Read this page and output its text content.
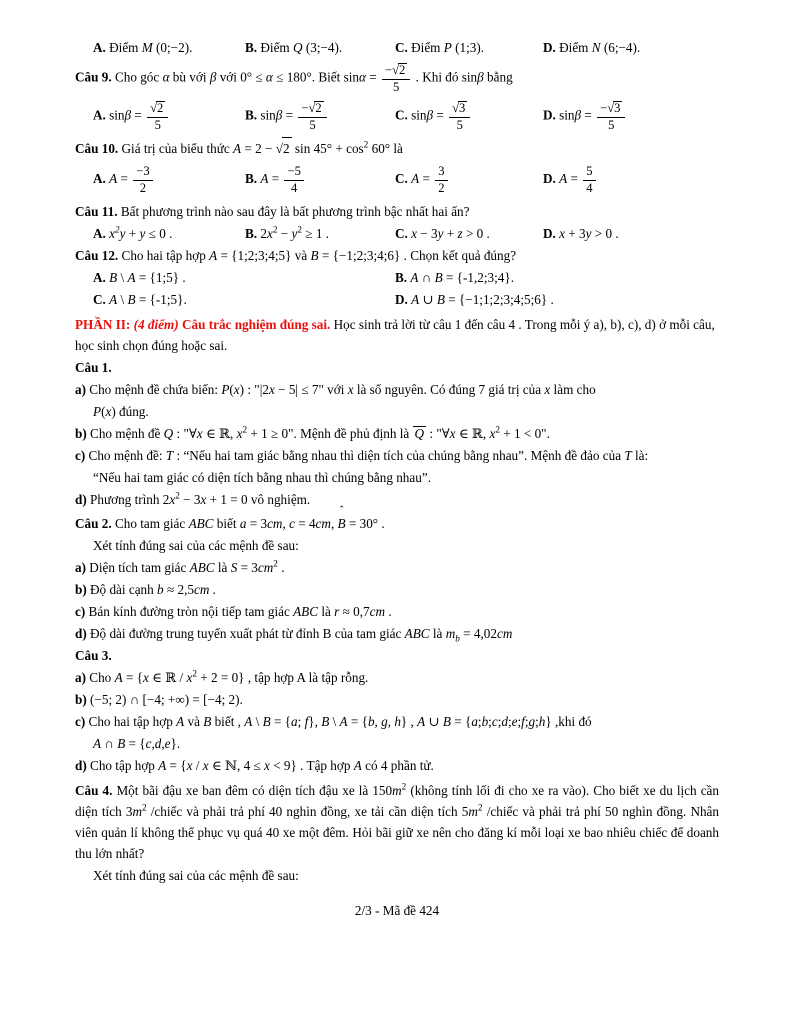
A. Điểm M (0;−2).	B. Điểm Q (3;−4).	C. Điểm P (1;3).	D. Điểm N (6;−4).
Câu 9. Cho góc α bù với β với 0° ≤ α ≤ 180°. Biết $\sin\alpha = \frac{-√2}{5}$ . Khi đó sinβ bằng
A. $\sin\beta = \frac{√2}{5}$	B. $\sin\beta = \frac{-√2}{5}$	C. $\sin\beta = \frac{√3}{5}$	D. $\sin\beta = \frac{-√3}{5}$
Câu 10. Giá trị của biểu thức A = 2 − √2 $\sin 45^\circ + \cos^2 60^\circ$ là
A. $A = \frac{-3}{2}$	B. $A = \frac{-5}{4}$	C. $A = \frac{3}{2}$	D. $A = \frac{5}{4}$
Câu 11. Bất phương trình nào sau đây là bất phương trình bậc nhất hai ẩn?
A. $x^2y + y \le 0$ .	B. $2x^2 - y^2 \ge 1$ .	C. x − 3y + z > 0 .	D. x + 3y > 0 .
Câu 12. Cho hai tập hợp A = {1;2;3;4;5} và B = {−1;2;3;4;6} . Chọn kết quả đúng?
A. B \ A = {1;5} .	B. A ∩ B = {-1,2;3;4}.
C. A \ B = {-1;5}.	D. A ∪ B = {−1;1;2;3;4;5;6} .
PHẦN II: (4 điểm) Câu trắc nghiệm đúng sai. Học sinh trả lời từ câu 1 đến câu 4 . Trong mỗi ý a), b), c), d) ở mỗi câu, học sinh chọn đúng hoặc sai.
Câu 1.
a) Cho mệnh đề chứa biến: P(x) : "|2x − 5| ≤ 7" với x là số nguyên. Có đúng 7 giá trị của x làm cho
P(x) đúng.
b) Cho mệnh đề Q : "∀x ∈ ℝ, $x^2 + 1 \ge 0$". Mệnh đề phủ định là Q : "∀x ∈ ℝ, $x^2 + 1 < 0$".
c) Cho mệnh đề: T : “Nếu hai tam giác bằng nhau thì diện tích của chúng bằng nhau”. Mệnh đề đảo của T là:
“Nếu hai tam giác có diện tích bằng nhau thì chúng bằng nhau”.
d) Phương trình $2x^2 - 3x + 1 = 0$ vô nghiệm.
Câu 2. Cho tam giác ABC biết a = 3cm, c = 4cm,
ˆ
B = 30° .
Xét tính đúng sai của các mệnh đề sau:
a) Diện tích tam giác ABC là $S = 3cm^2$ .
b) Độ dài cạnh b ≈ 2,5cm .
c) Bán kính đường tròn nội tiếp tam giác ABC là r ≈ 0,7cm .
d) Độ dài đường trung tuyến xuất phát từ đỉnh B của tam giác ABC là $m_b = 4,02cm$
Câu 3.
a) Cho A = {x ∈ ℝ / $x^2 + 2 = 0$} , tập hợp A là tập rỗng.
b) (−5; 2) ∩ [−4; +∞) = [−4; 2).
c) Cho hai tập hợp A và B biết , A \ B = {a; f}, B \ A = {b, g, h} , A ∪ B = {a;b;c;d;e;f;g;h} ,khi đó
A ∩ B = {c,d,e}.
d) Cho tập hợp A = {x / x ∈ ℕ, 4 ≤ x < 9} . Tập hợp A có 4 phần tử.
Câu 4. Một bãi đậu xe ban đêm có diện tích đậu xe là $150m^2$ (không tính lối đi cho xe ra vào). Cho biết xe du lịch cần diện tích $3m^2$ /chiếc và phải trả phí 40 nghìn đồng, xe tải cần diện tích $5m^2$ /chiếc và phải trả phí 50 nghìn đồng. Nhân viên quản lí không thể phục vụ quá 40 xe một đêm. Hỏi bãi giữ xe nên cho đăng kí mỗi loại xe bao nhiêu chiếc để doanh thu lớn nhất?
Xét tính đúng sai của các mệnh đề sau:
2/3 - Mã đề 424
